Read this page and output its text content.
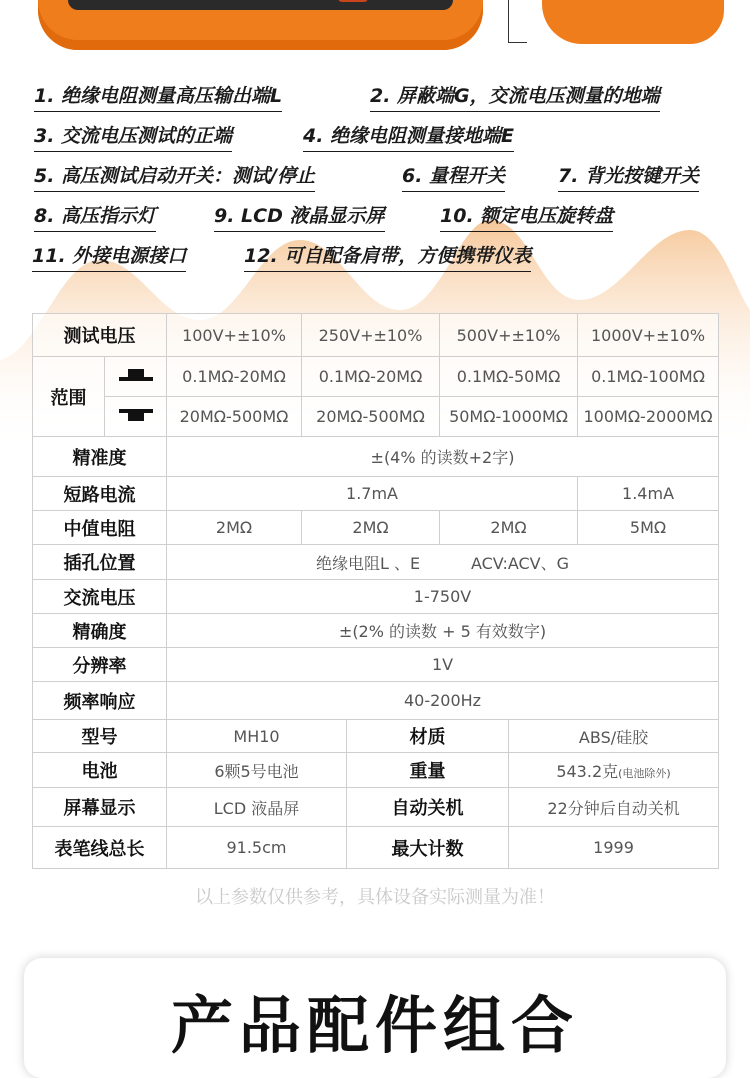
1. 绝缘电阻测量高压输出端L	2. 屏蔽端G，交流电压测量的地端
3. 交流电压测试的正端	4. 绝缘电阻测量接地端E
5. 高压测试启动开关：测试/停止	6. 量程开关	7. 背光按键开关
8. 高压指示灯	9. LCD 液晶显示屏	10. 额定电压旋转盘
11. 外接电源接口	12. 可自配备肩带，方便携带仪表
测试电压		100V+±10%	250V+±10%		500V+±10%		1000V+±10%
范围		0.1MΩ-20MΩ	0.1MΩ-20MΩ		0.1MΩ-50MΩ		0.1MΩ-100MΩ
		20MΩ-500MΩ	20MΩ-500MΩ		50MΩ-1000MΩ		100MΩ-2000MΩ
精准度		±(4% 的读数+2字)					
短路电流		1.7mA					1.4mA
中值电阻		2MΩ	2MΩ		2MΩ		5MΩ
插孔位置		绝缘电阻L 、E          ACV:ACV、G					
交流电压		1-750V					
精确度		±(2% 的读数 + 5 有效数字)					
分辨率		1V					
频率响应		40-200Hz					
型号		MH10		材质		ABS/硅胶	
电池		6颗5号电池		重量		543.2克(电池除外)	
屏幕显示		LCD 液晶屏		自动关机		22分钟后自动关机	
表笔线总长		91.5cm		最大计数		1999	
以上参数仅供参考，具体设备实际测量为准！
产品配件组合
